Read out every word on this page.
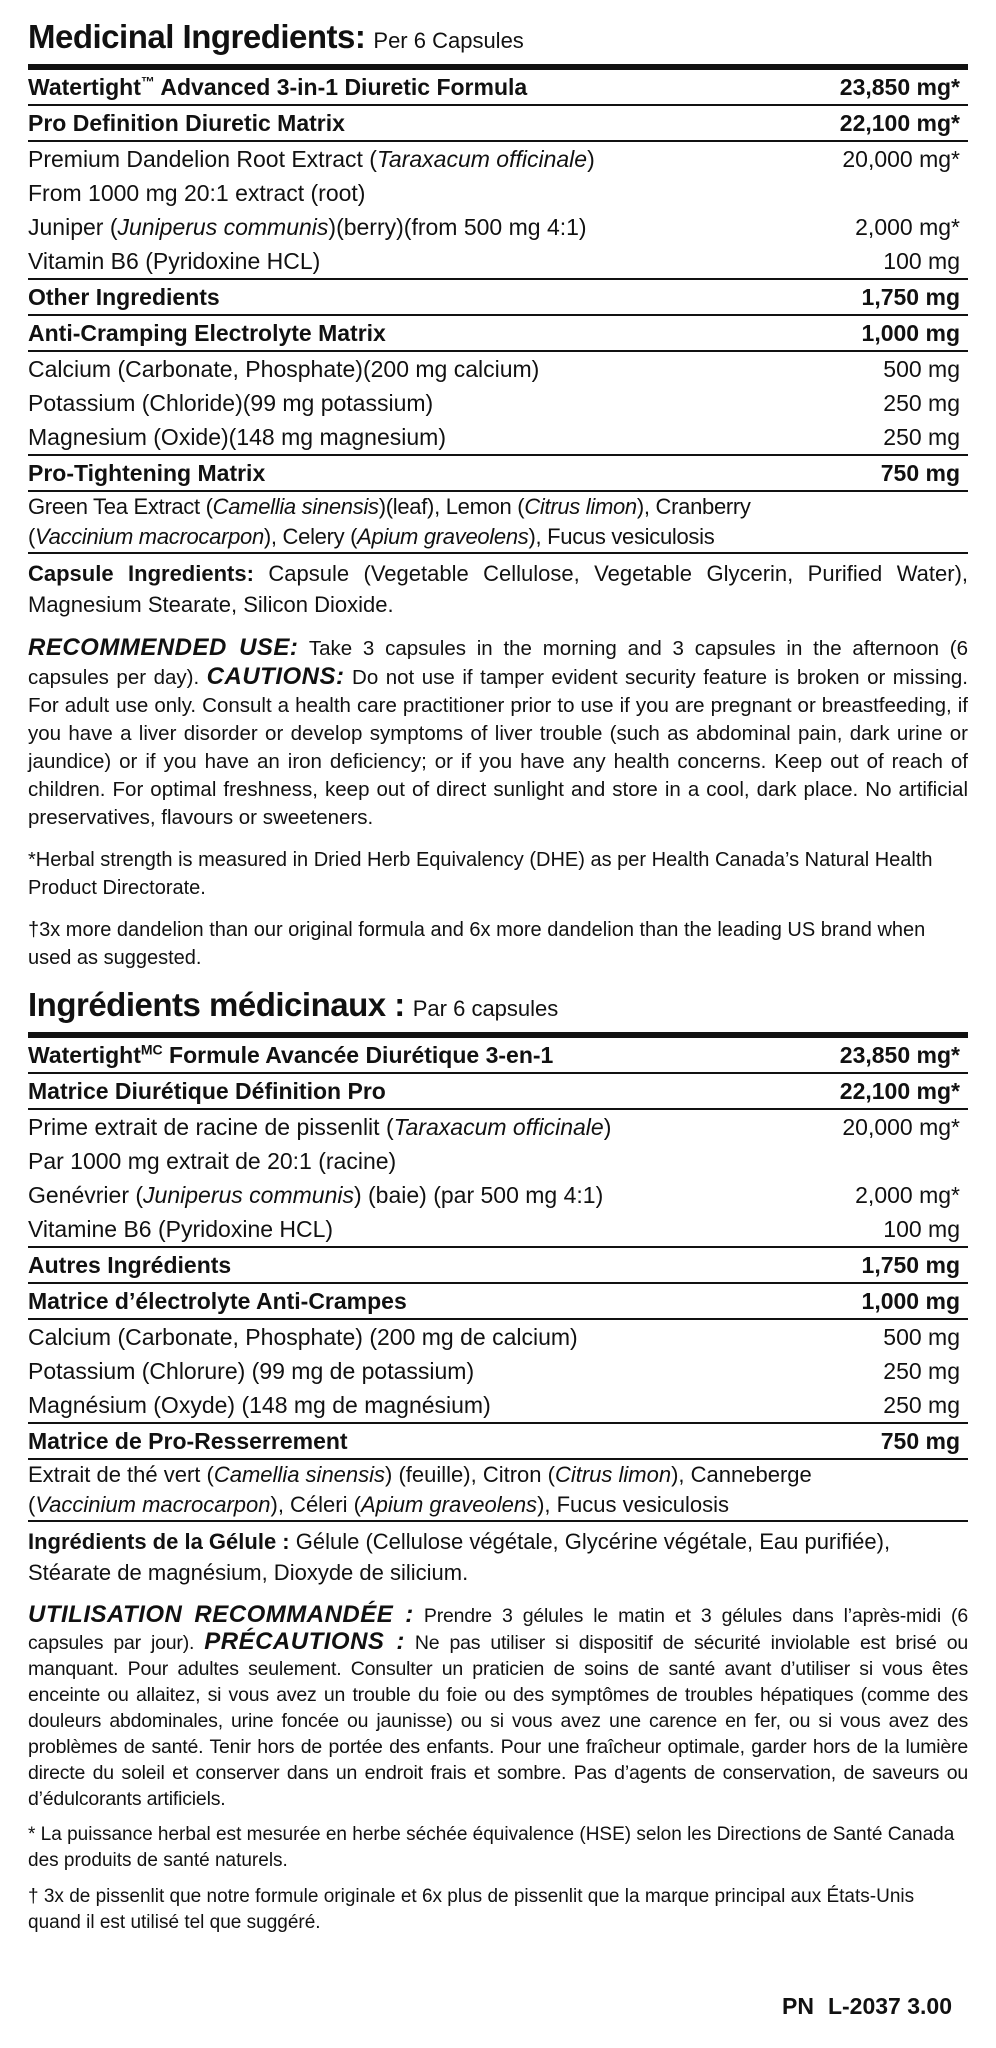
Medicinal Ingredients: Per 6 Capsules
Watertight™ Advanced 3-in-1 Diuretic Formula	23,850 mg*
Pro Definition Diuretic Matrix	22,100 mg*
Premium Dandelion Root Extract (Taraxacum officinale)	20,000 mg*
From 1000 mg 20:1 extract (root)
Juniper (Juniperus communis)(berry)(from 500 mg 4:1)	2,000 mg*
Vitamin B6 (Pyridoxine HCL)	100 mg
Other Ingredients	1,750 mg
Anti-Cramping Electrolyte Matrix	1,000 mg
Calcium (Carbonate, Phosphate)(200 mg calcium)	500 mg
Potassium (Chloride)(99 mg potassium)	250 mg
Magnesium (Oxide)(148 mg magnesium)	250 mg
Pro-Tightening Matrix	750 mg
Green Tea Extract (Camellia sinensis)(leaf), Lemon (Citrus limon), Cranberry
(Vaccinium macrocarpon), Celery (Apium graveolens), Fucus vesiculosis
Capsule Ingredients: Capsule (Vegetable Cellulose, Vegetable Glycerin, Purified Water), Magnesium Stearate, Silicon Dioxide.
RECOMMENDED USE: Take 3 capsules in the morning and 3 capsules in the afternoon (6 capsules per day). CAUTIONS: Do not use if tamper evident security feature is broken or missing. For adult use only. Consult a health care practitioner prior to use if you are pregnant or breastfeeding, if you have a liver disorder or develop symptoms of liver trouble (such as abdominal pain, dark urine or jaundice) or if you have an iron deficiency; or if you have any health concerns. Keep out of reach of children. For optimal freshness, keep out of direct sunlight and store in a cool, dark place. No artificial preservatives, flavours or sweeteners.
*Herbal strength is measured in Dried Herb Equivalency (DHE) as per Health Canada’s Natural Health Product Directorate.
†3x more dandelion than our original formula and 6x more dandelion than the leading US brand when used as suggested.
Ingrédients médicinaux : Par 6 capsules
Watertight$^{MC}$ Formule Avancée Diurétique 3-en-1	23,850 mg*
Matrice Diurétique Définition Pro	22,100 mg*
Prime extrait de racine de pissenlit (Taraxacum officinale)	20,000 mg*
Par 1000 mg extrait de 20:1 (racine)
Genévrier (Juniperus communis) (baie) (par 500 mg 4:1)	2,000 mg*
Vitamine B6 (Pyridoxine HCL)	100 mg
Autres Ingrédients	1,750 mg
Matrice d’électrolyte Anti-Crampes	1,000 mg
Calcium (Carbonate, Phosphate) (200 mg de calcium)	500 mg
Potassium (Chlorure) (99 mg de potassium)	250 mg
Magnésium (Oxyde) (148 mg de magnésium)	250 mg
Matrice de Pro-Resserrement	750 mg
Extrait de thé vert (Camellia sinensis) (feuille), Citron (Citrus limon), Canneberge
(Vaccinium macrocarpon), Céleri (Apium graveolens), Fucus vesiculosis
Ingrédients de la Gélule : Gélule (Cellulose végétale, Glycérine végétale, Eau purifiée), Stéarate de magnésium, Dioxyde de silicium.
UTILISATION RECOMMANDÉE : Prendre 3 gélules le matin et 3 gélules dans l’après-midi (6 capsules par jour). PRÉCAUTIONS : Ne pas utiliser si dispositif de sécurité inviolable est brisé ou manquant. Pour adultes seulement. Consulter un praticien de soins de santé avant d’utiliser si vous êtes enceinte ou allaitez, si vous avez un trouble du foie ou des symptômes de troubles hépatiques (comme des douleurs abdominales, urine foncée ou jaunisse) ou si vous avez une carence en fer, ou si vous avez des problèmes de santé. Tenir hors de portée des enfants. Pour une fraîcheur optimale, garder hors de la lumière directe du soleil et conserver dans un endroit frais et sombre. Pas d’agents de conservation, de saveurs ou d’édulcorants artificiels.
* La puissance herbal est mesurée en herbe séchée équivalence (HSE) selon les Directions de Santé Canada des produits de santé naturels.
† 3x de pissenlit que notre formule originale et 6x plus de pissenlit que la marque principal aux États-Unis quand il est utilisé tel que suggéré.
PN L-2037 3.00
